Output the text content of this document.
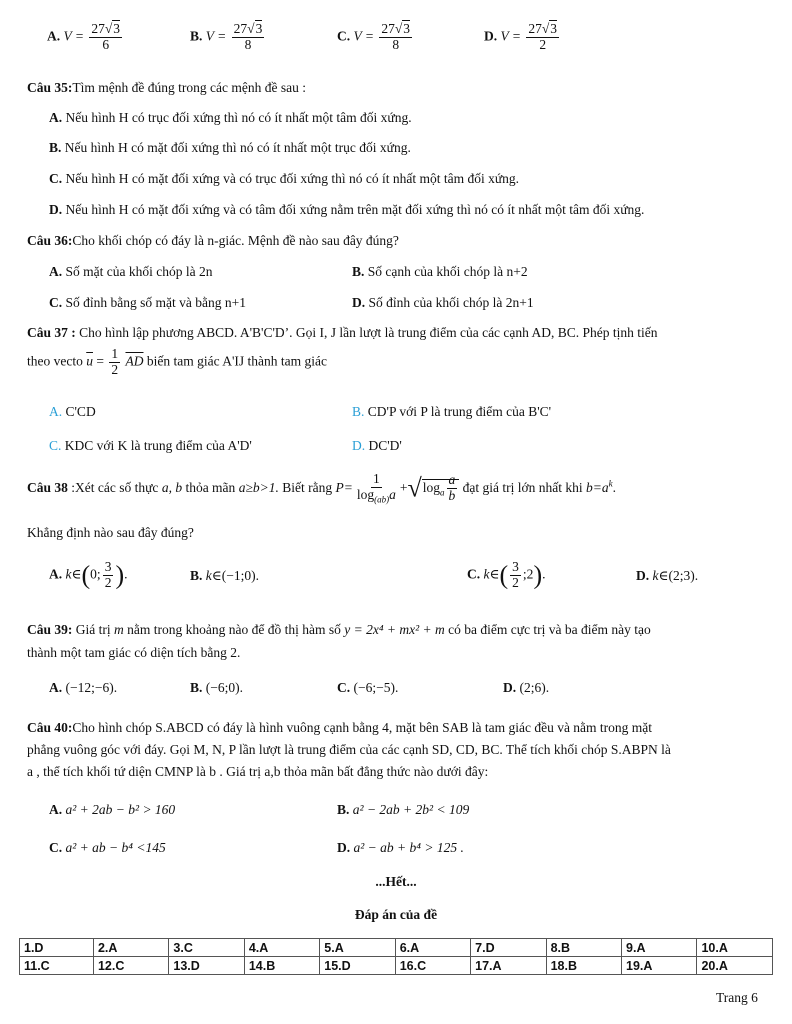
A. $V = \frac{27√3}{6}$	B. $V = \frac{27√3}{8}$	C. $V = \frac{27√3}{8}$	D. $V = \frac{27√3}{2}$
Câu 35:Tìm mệnh đề đúng trong các mệnh đề sau :
A. Nếu hình H có trục đối xứng thì nó có ít nhất một tâm đối xứng.
B. Nếu hình H có mặt đối xứng thì nó có ít nhất một trục đối xứng.
C. Nếu hình H có mặt đối xứng và có trục đối xứng thì nó có ít nhất một tâm đối xứng.
D. Nếu hình H có mặt đối xứng và có tâm đối xứng nằm trên mặt đối xứng thì nó có ít nhất một tâm đối xứng.
Câu 36:Cho khối chóp có đáy là n-giác. Mệnh đề nào sau đây đúng?
A. Số mặt của khối chóp là 2n	B. Số cạnh của khối chóp là n+2
C. Số đỉnh bằng số mặt và bằng n+1	D. Số đỉnh của khối chóp là 2n+1
Câu 37 : Cho hình lập phương ABCD. A'B'C'D’. Gọi I, J lần lượt là trung điểm của các cạnh AD, BC. Phép tịnh tiến
theo vecto $\overline{u} = \frac{1}{2} \overline{AD}$ biến tam giác A'IJ thành tam giác
A. C'CD	B. CD'P với P là trung điểm của B'C'
C. KDC với K là trung điểm của A'D'	D. DC'D'
Câu 38 :Xét các số thực a, b thỏa mãn a≥b>1. Biết rằng $P= \frac{1}{\log_{(ab)}a} +√\log_a \frac{a}{b}$ đạt giá trị lớn nhất khi $b=a^k$.
Khẳng định nào sau đây đúng?
A. k∈(0; $\frac{3}{2}$ ).	B. k∈(−1;0).	C. k∈( $\frac{3}{2}$ ;2).	D. k∈(2;3).
Câu 39: Giá trị m nằm trong khoảng nào để đồ thị hàm số y = 2x⁴ + mx² + m có ba điểm cực trị và ba điểm này tạo
thành một tam giác có diện tích bằng 2.
A. (−12;−6).	B. (−6;0).	C. (−6;−5).	D. (2;6).
Câu 40:Cho hình chóp S.ABCD có đáy là hình vuông cạnh bằng 4, mặt bên SAB là tam giác đều và nằm trong mặt
phẳng vuông góc với đáy. Gọi M, N, P lần lượt là trung điểm của các cạnh SD, CD, BC. Thể tích khối chóp S.ABPN là
a , thể tích khối tứ diện CMNP là b . Giá trị a,b thỏa mãn bất đẳng thức nào dưới đây:
A. a² + 2ab − b² > 160	B. a² − 2ab + 2b² < 109
C. a² + ab − b⁴ <145	D. a² − ab + b⁴ > 125 .
...Hết...
Đáp án của đề
1.D	2.A	3.C	4.A	5.A	6.A	7.D	8.B	9.A	10.A
11.C	12.C	13.D	14.B	15.D	16.C	17.A	18.B	19.A	20.A
Trang 6
